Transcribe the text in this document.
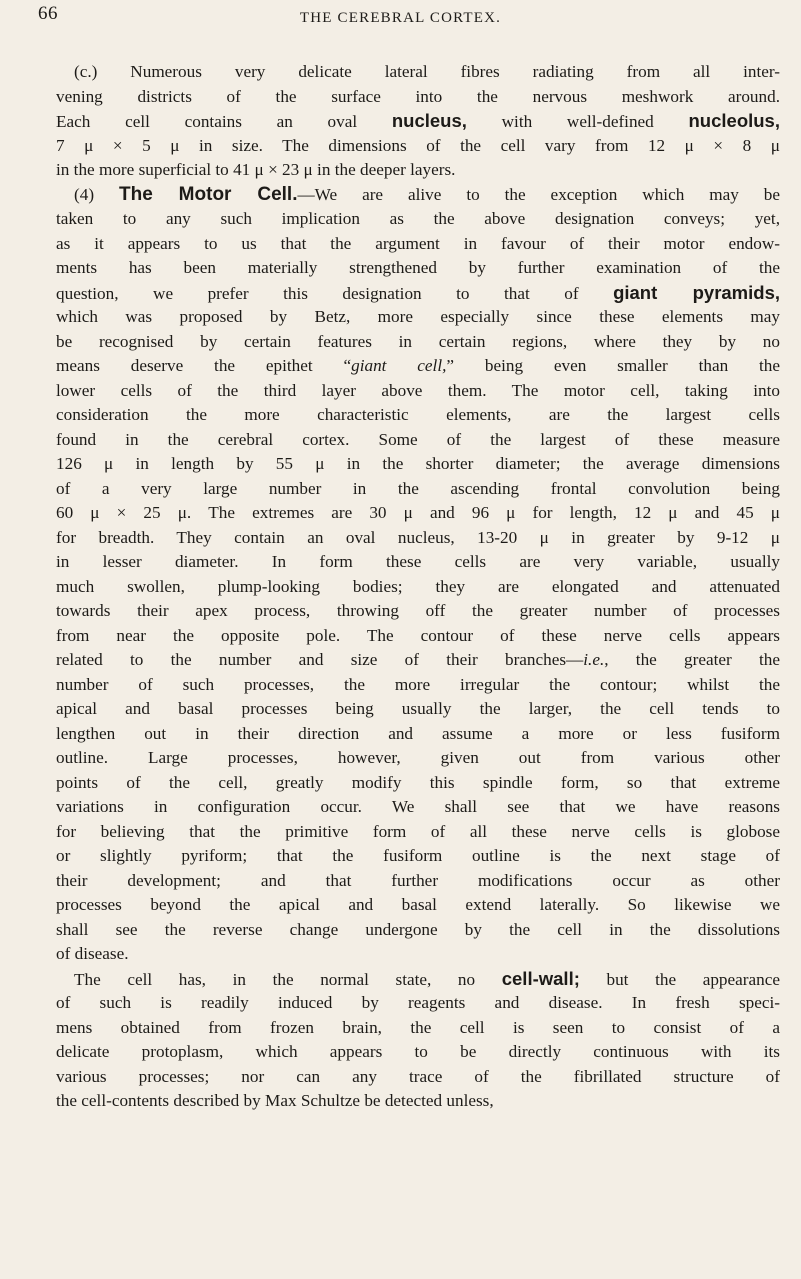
66	THE CEREBRAL CORTEX.
(c.) Numerous very delicate lateral fibres radiating from all inter-
vening districts of the surface into the nervous meshwork around.
Each cell contains an oval nucleus, with well-defined nucleolus,
7 μ × 5 μ in size. The dimensions of the cell vary from 12 μ × 8 μ
in the more superficial to 41 μ × 23 μ in the deeper layers.
(4) The Motor Cell.—We are alive to the exception which may be
taken to any such implication as the above designation conveys; yet,
as it appears to us that the argument in favour of their motor endow-
ments has been materially strengthened by further examination of the
question, we prefer this designation to that of giant pyramids,
which was proposed by Betz, more especially since these elements may
be recognised by certain features in certain regions, where they by no
means deserve the epithet “giant cell,” being even smaller than the
lower cells of the third layer above them. The motor cell, taking into
consideration the more characteristic elements, are the largest cells
found in the cerebral cortex. Some of the largest of these measure
126 μ in length by 55 μ in the shorter diameter; the average dimensions
of a very large number in the ascending frontal convolution being
60 μ × 25 μ. The extremes are 30 μ and 96 μ for length, 12 μ and 45 μ
for breadth. They contain an oval nucleus, 13-20 μ in greater by 9-12 μ
in lesser diameter. In form these cells are very variable, usually
much swollen, plump-looking bodies; they are elongated and attenuated
towards their apex process, throwing off the greater number of processes
from near the opposite pole. The contour of these nerve cells appears
related to the number and size of their branches—i.e., the greater the
number of such processes, the more irregular the contour; whilst the
apical and basal processes being usually the larger, the cell tends to
lengthen out in their direction and assume a more or less fusiform
outline. Large processes, however, given out from various other
points of the cell, greatly modify this spindle form, so that extreme
variations in configuration occur. We shall see that we have reasons
for believing that the primitive form of all these nerve cells is globose
or slightly pyriform; that the fusiform outline is the next stage of
their development; and that further modifications occur as other
processes beyond the apical and basal extend laterally. So likewise we
shall see the reverse change undergone by the cell in the dissolutions
of disease.
The cell has, in the normal state, no cell-wall; but the appearance
of such is readily induced by reagents and disease. In fresh speci-
mens obtained from frozen brain, the cell is seen to consist of a
delicate protoplasm, which appears to be directly continuous with its
various processes; nor can any trace of the fibrillated structure of
the cell-contents described by Max Schultze be detected unless,
